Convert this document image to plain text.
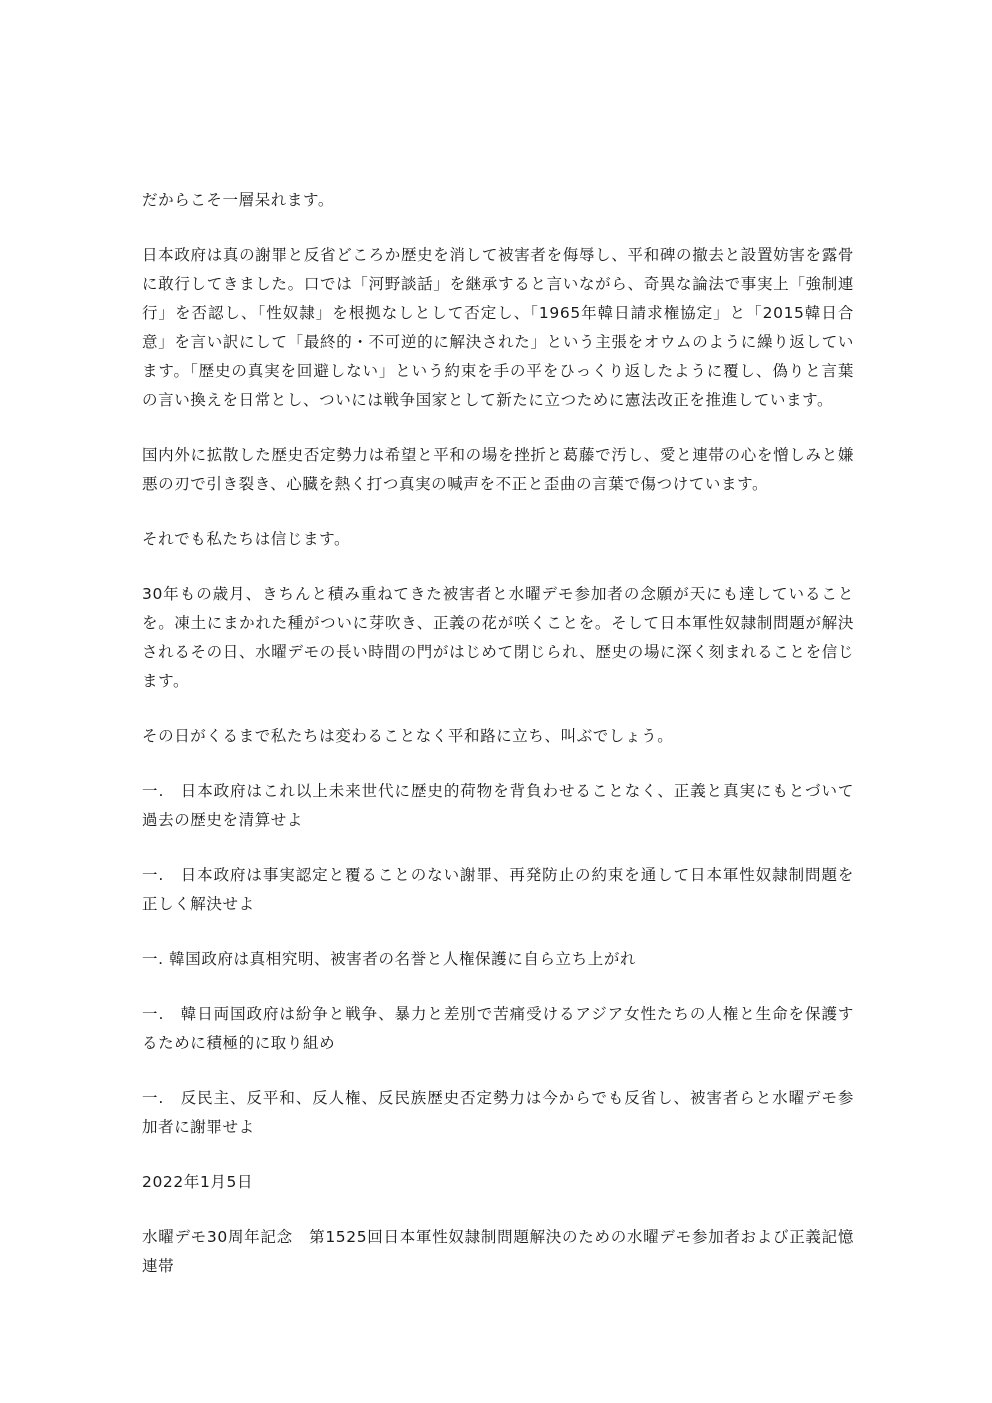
だからこそ一層呆れます。

日本政府は真の謝罪と反省どころか歴史を消して被害者を侮辱し、平和碑の撤去と設置妨害を露骨に敢行してきました。口では「河野談話」を継承すると言いながら、奇異な論法で事実上「強制連行」を否認し、「性奴隷」を根拠なしとして否定し、「1965年韓日請求権協定」と「2015韓日合意」を言い訳にして「最終的・不可逆的に解決された」という主張をオウムのように繰り返しています。「歴史の真実を回避しない」という約束を手の平をひっくり返したように覆し、偽りと言葉の言い換えを日常とし、ついには戦争国家として新たに立つために憲法改正を推進しています。

国内外に拡散した歴史否定勢力は希望と平和の場を挫折と葛藤で汚し、愛と連帯の心を憎しみと嫌悪の刃で引き裂き、心臓を熱く打つ真実の喊声を不正と歪曲の言葉で傷つけています。

それでも私たちは信じます。

30年もの歳月、きちんと積み重ねてきた被害者と水曜デモ参加者の念願が天にも達していることを。凍土にまかれた種がついに芽吹き、正義の花が咲くことを。そして日本軍性奴隷制問題が解決されるその日、水曜デモの長い時間の門がはじめて閉じられ、歴史の場に深く刻まれることを信じます。

その日がくるまで私たちは変わることなく平和路に立ち、叫ぶでしょう。

一.　日本政府はこれ以上未来世代に歴史的荷物を背負わせることなく、正義と真実にもとづいて過去の歴史を清算せよ

一.　日本政府は事実認定と覆ることのない謝罪、再発防止の約束を通して日本軍性奴隷制問題を正しく解決せよ

一. 韓国政府は真相究明、被害者の名誉と人権保護に自ら立ち上がれ

一.　韓日両国政府は紛争と戦争、暴力と差別で苦痛受けるアジア女性たちの人権と生命を保護するために積極的に取り組め

一.　反民主、反平和、反人権、反民族歴史否定勢力は今からでも反省し、被害者らと水曜デモ参加者に謝罪せよ

2022年1月5日

水曜デモ30周年記念　第1525回日本軍性奴隷制問題解決のための水曜デモ参加者および正義記憶連帯
